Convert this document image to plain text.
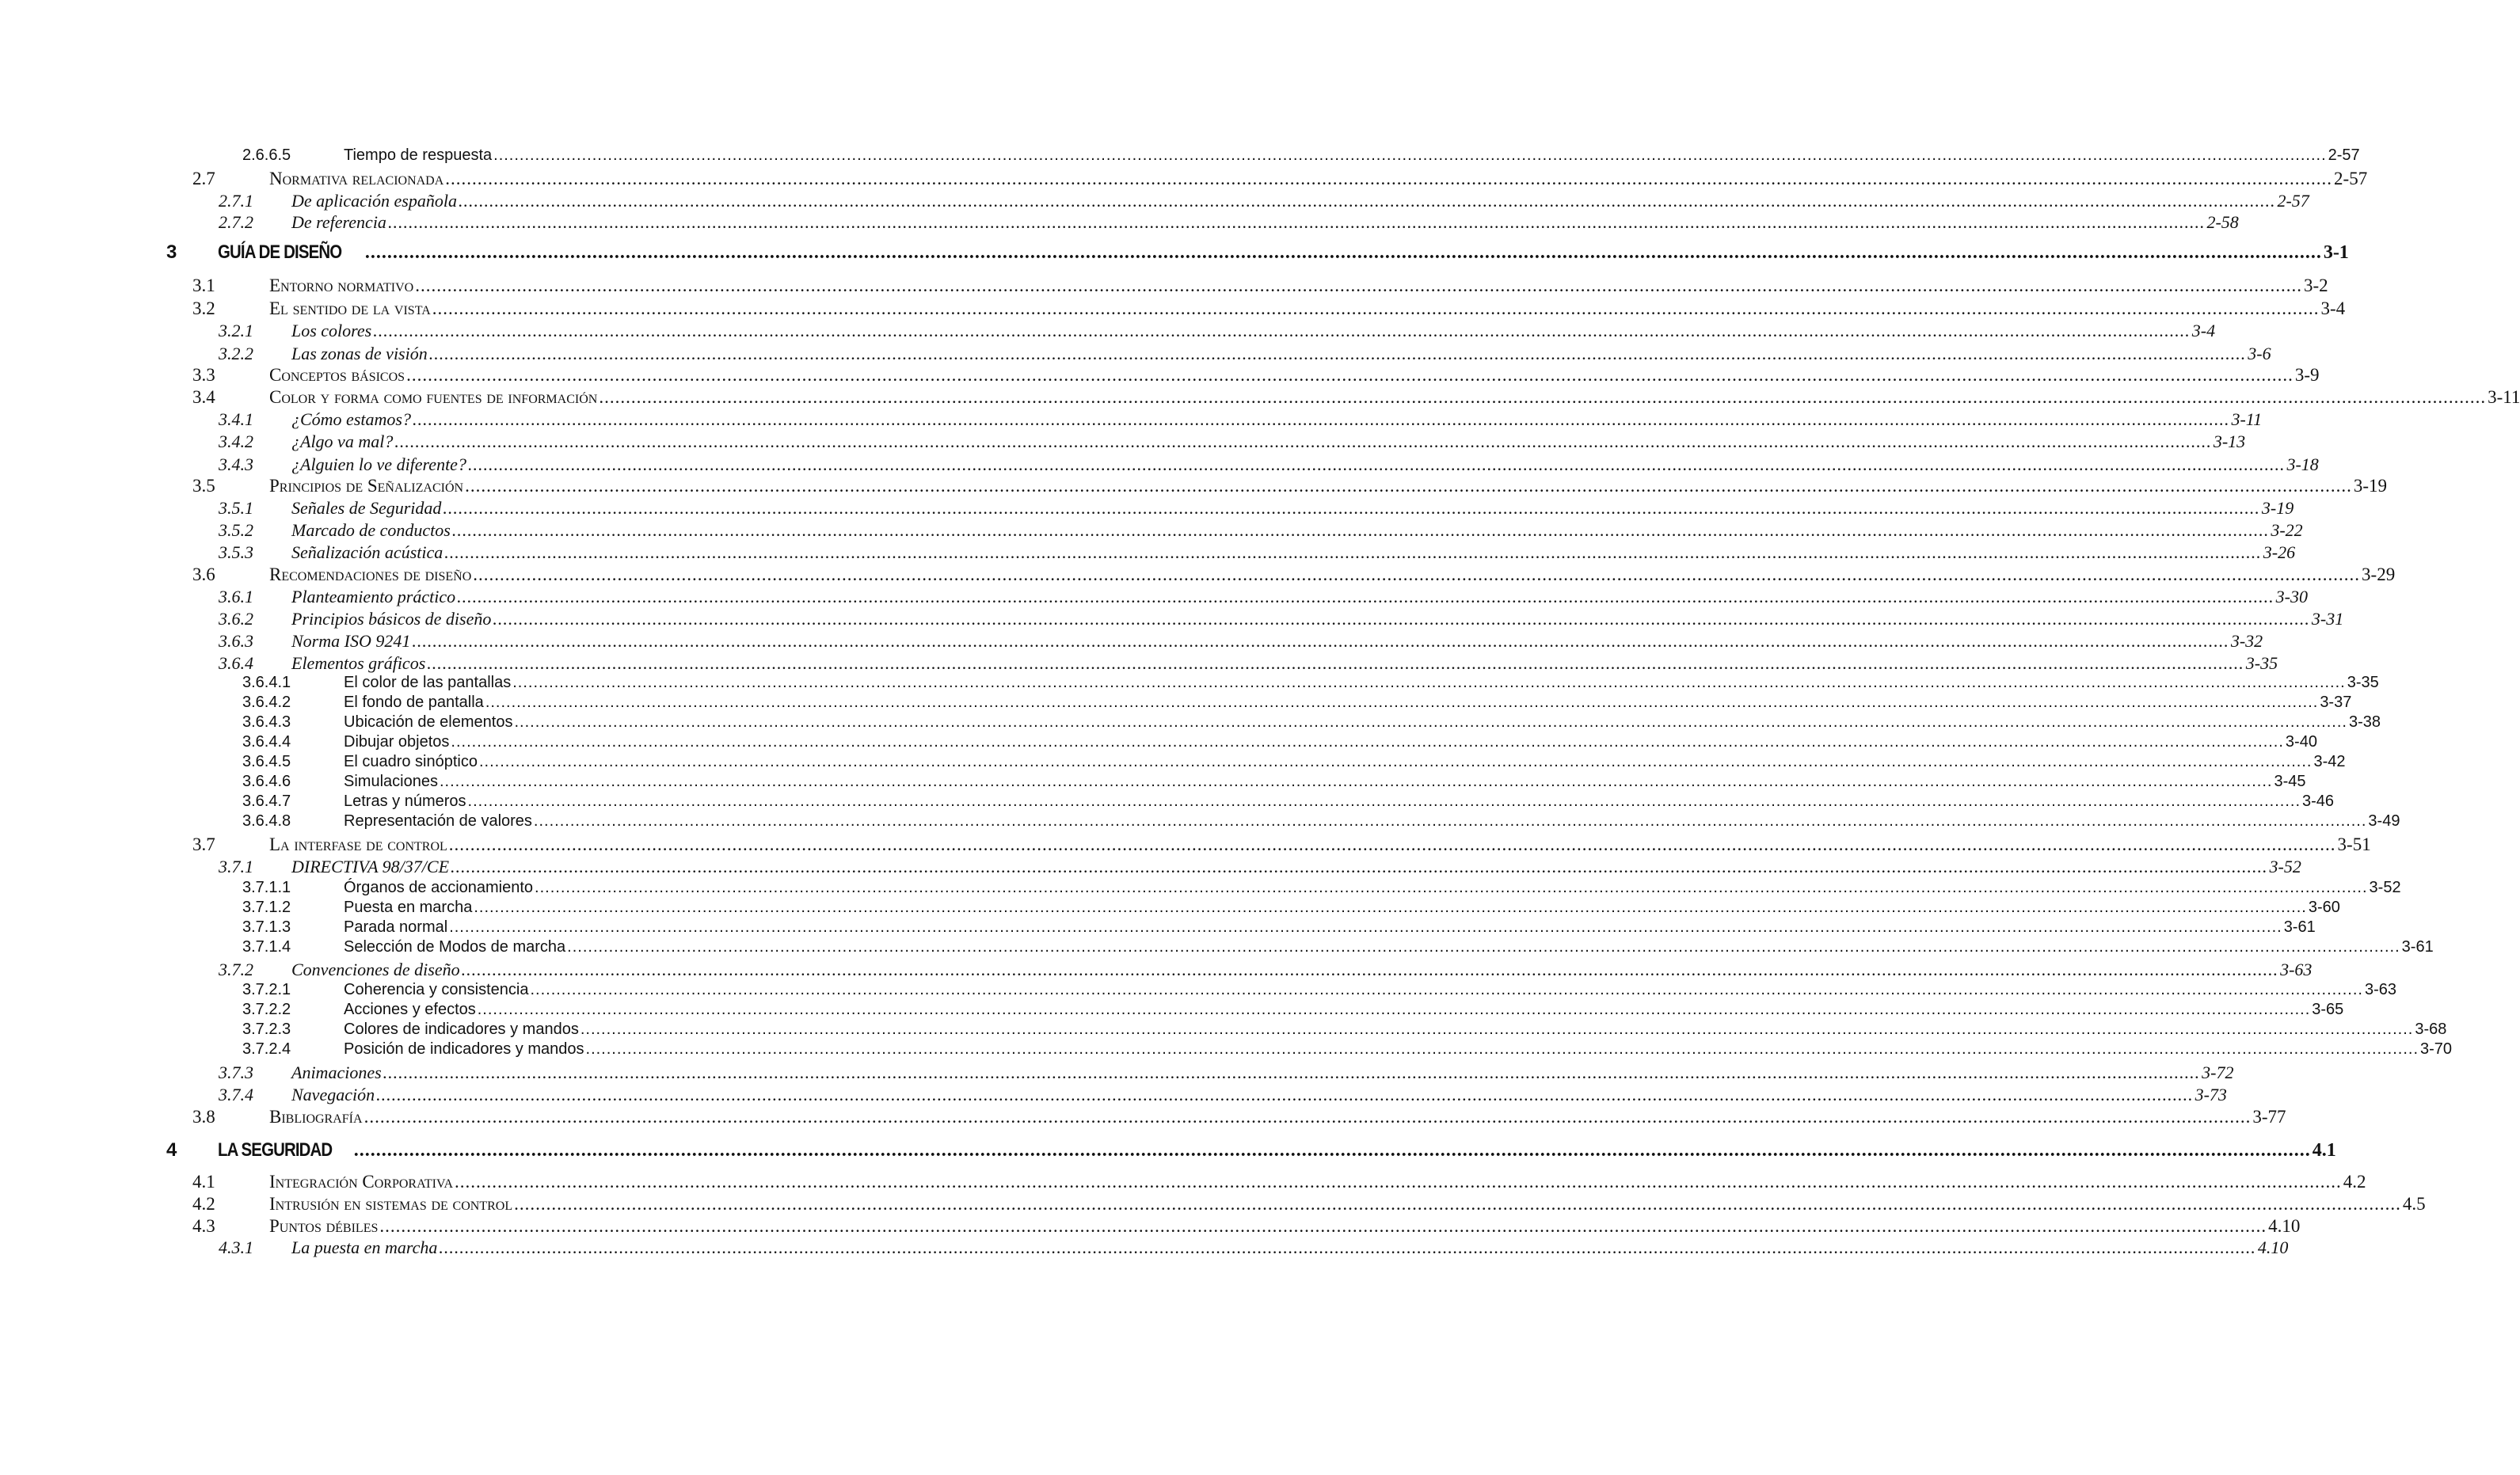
2.6.6.5	Tiempo de respuesta .....	2-57
2.7	Normativa relacionada .....	2-57
2.7.1 De aplicación española .....	2-57
2.7.2 De referencia .....	2-58
3 GUÍA DE DISEÑO .....	3-1
3.1	Entorno normativo .....	3-2
3.2	El sentido de la vista .....	3-4
3.2.1 Los colores .....	3-4
3.2.2 Las zonas de visión .....	3-6
3.3	Conceptos básicos .....	3-9
3.4	Color y forma como fuentes de información .....	3-11
3.4.1 ¿Cómo estamos? .....	3-11
3.4.2 ¿Algo va mal? .....	3-13
3.4.3 ¿Alguien lo ve diferente? .....	3-18
3.5	Principios de Señalización .....	3-19
3.5.1 Señales de Seguridad .....	3-19
3.5.2 Marcado de conductos .....	3-22
3.5.3 Señalización acústica .....	3-26
3.6	Recomendaciones de diseño .....	3-29
3.6.1 Planteamiento práctico .....	3-30
3.6.2 Principios básicos de diseño .....	3-31
3.6.3 Norma ISO 9241 .....	3-32
3.6.4 Elementos gráficos .....	3-35
3.6.4.1	El color de las pantallas .....	3-35
3.6.4.2	El fondo de pantalla .....	3-37
3.6.4.3	Ubicación de elementos .....	3-38
3.6.4.4	Dibujar objetos .....	3-40
3.6.4.5	El cuadro sinóptico .....	3-42
3.6.4.6	Simulaciones .....	3-45
3.6.4.7	Letras y números .....	3-46
3.6.4.8	Representación de valores .....	3-49
3.7	La interfase de control .....	3-51
3.7.1 DIRECTIVA 98/37/CE .....	3-52
3.7.1.1	Órganos de accionamiento .....	3-52
3.7.1.2	Puesta en marcha .....	3-60
3.7.1.3	Parada normal .....	3-61
3.7.1.4	Selección de Modos de marcha .....	3-61
3.7.2 Convenciones de diseño .....	3-63
3.7.2.1	Coherencia y consistencia .....	3-63
3.7.2.2	Acciones y efectos .....	3-65
3.7.2.3	Colores de indicadores y mandos .....	3-68
3.7.2.4	Posición de indicadores y mandos .....	3-70
3.7.3 Animaciones .....	3-72
3.7.4 Navegación .....	3-73
3.8	Bibliografía .....	3-77
4 LA SEGURIDAD .....	4.1
4.1	Integración Corporativa .....	4.2
4.2	Intrusión en sistemas de control .....	4.5
4.3	Puntos débiles .....	4.10
4.3.1 La puesta en marcha .....	4.10
